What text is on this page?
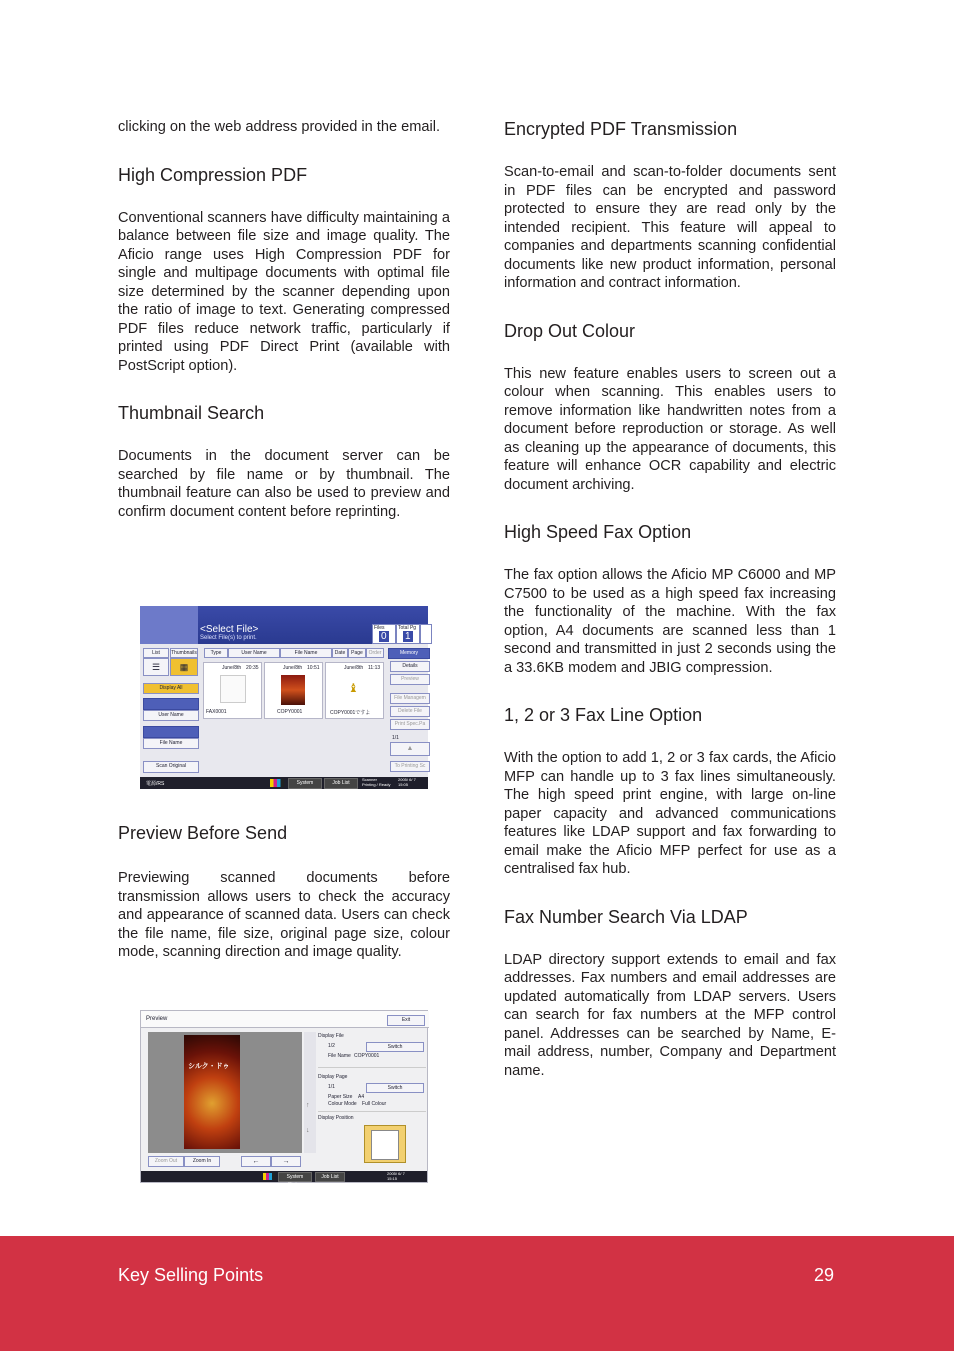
clicking on the web address provided in the email.

High Compression PDF

Conventional scanners have difficulty maintaining a balance between file size and image quality. The Aficio range uses High Compression PDF for single and multipage documents with optimal file size determined by the scanner depending upon the ratio of image to text. Generating compressed PDF files reduce network traffic, particularly if printed using PDF Direct Print (available with PostScript option).

Thumbnail Search

Documents in the document server can be searched by file name or by thumbnail. The thumbnail feature can also be used to preview and confirm document content before reprinting.

Preview Before Send

Previewing scanned documents before transmission allows users to check the accuracy and appearance of scanned data. Users can check the file name, file size, original page size, colour mode, scanning direction and image quality.

Encrypted PDF Transmission

Scan-to-email and scan-to-folder documents sent in PDF files can be encrypted and password protected to ensure they are read only by the intended recipient. This feature will appeal to companies and departments scanning confidential documents like new product information, personal information and contract information.

Drop Out Colour

This new feature enables users to screen out a colour when scanning. This enables users to remove information like handwritten notes from a document before reproduction or storage. As well as cleaning up the appearance of documents, this feature will enhance OCR capability and electric document archiving.

High Speed Fax Option

The fax option allows the Aficio MP C6000 and MP C7500 to be used as a high speed fax increasing the functionality of the machine. With the fax option, A4 documents are scanned less than 1 second and transmitted in just 2 seconds using the a 33.6KB modem and JBIG compression.

1, 2 or 3 Fax Line Option

With the option to add 1, 2 or 3 fax cards, the Aficio MFP can handle up to 3 fax lines simultaneously. The high speed print engine, with large on-line paper capacity and advanced communications features like LDAP support and fax forwarding to email make the Aficio MFP perfect for use as a centralised fax hub.

Fax Number Search Via LDAP

LDAP directory support extends to email and fax addresses. Fax numbers and email addresses are updated automatically from LDAP servers. Users can search for fax numbers at the MFP control panel. Addresses can be searched by Name, E-mail address, number, Company and Department name.

<Select File>
Select File(s) to print.
Files
0
Total Pg
1
List	Thumbnails
☰	▦
Display All
User Name
File Name
Scan Original
Type	User Name	File Name	Date	Page	Order
June/8th 20:35
FAX0001
June/8th 10:51
COPY0001
June/8th 11:13
♝
COPY0001ですよ
Memory
Details
Preview
File Managem
Delete File
Print Spec.Pa
1/1
▲
To Printing Sc
電源/RS	System Status
Job List
Scanner
Printing / Ready
2005/ 6/ 7
15:05
Preview	Exit
シルク・ドゥ
↑
↓
Zoom Out	Zoom In	←	→
Display File
1/2	Switch
File Name COPY0001
Display Page
1/1	Switch
Paper Size A4
Colour Mode Full Colour
Display Position
System Status
Job List
2005/ 6/ 7
15:15
Key Selling Points	29
